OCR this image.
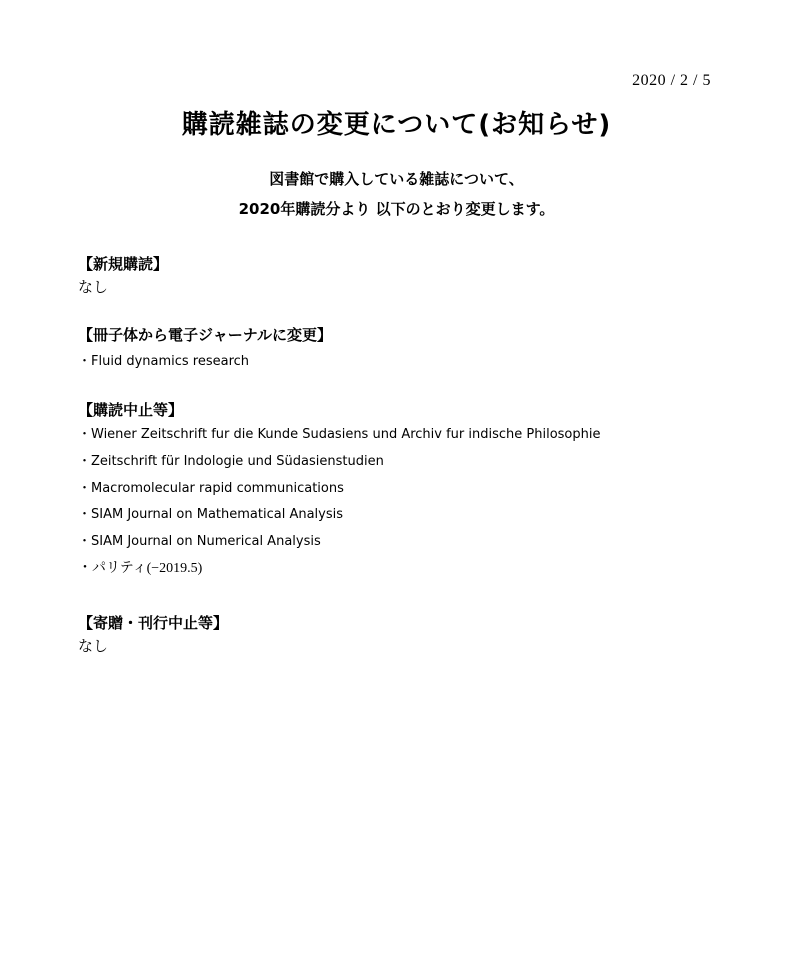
2020 / 2 / 5
購読雑誌の変更について(お知らせ)
図書館で購入している雑誌について、
2020年購読分より 以下のとおり変更します。
【新規購読】
なし
【冊子体から電子ジャーナルに変更】
・Fluid dynamics research
【購読中止等】
・Wiener Zeitschrift fur die Kunde Sudasiens und Archiv fur indische Philosophie
・Zeitschrift für Indologie und Südasienstudien
・Macromolecular rapid communications
・SIAM Journal on Mathematical Analysis
・SIAM Journal on Numerical Analysis
・パリティ(−2019.5)
【寄贈・刊行中止等】
なし
